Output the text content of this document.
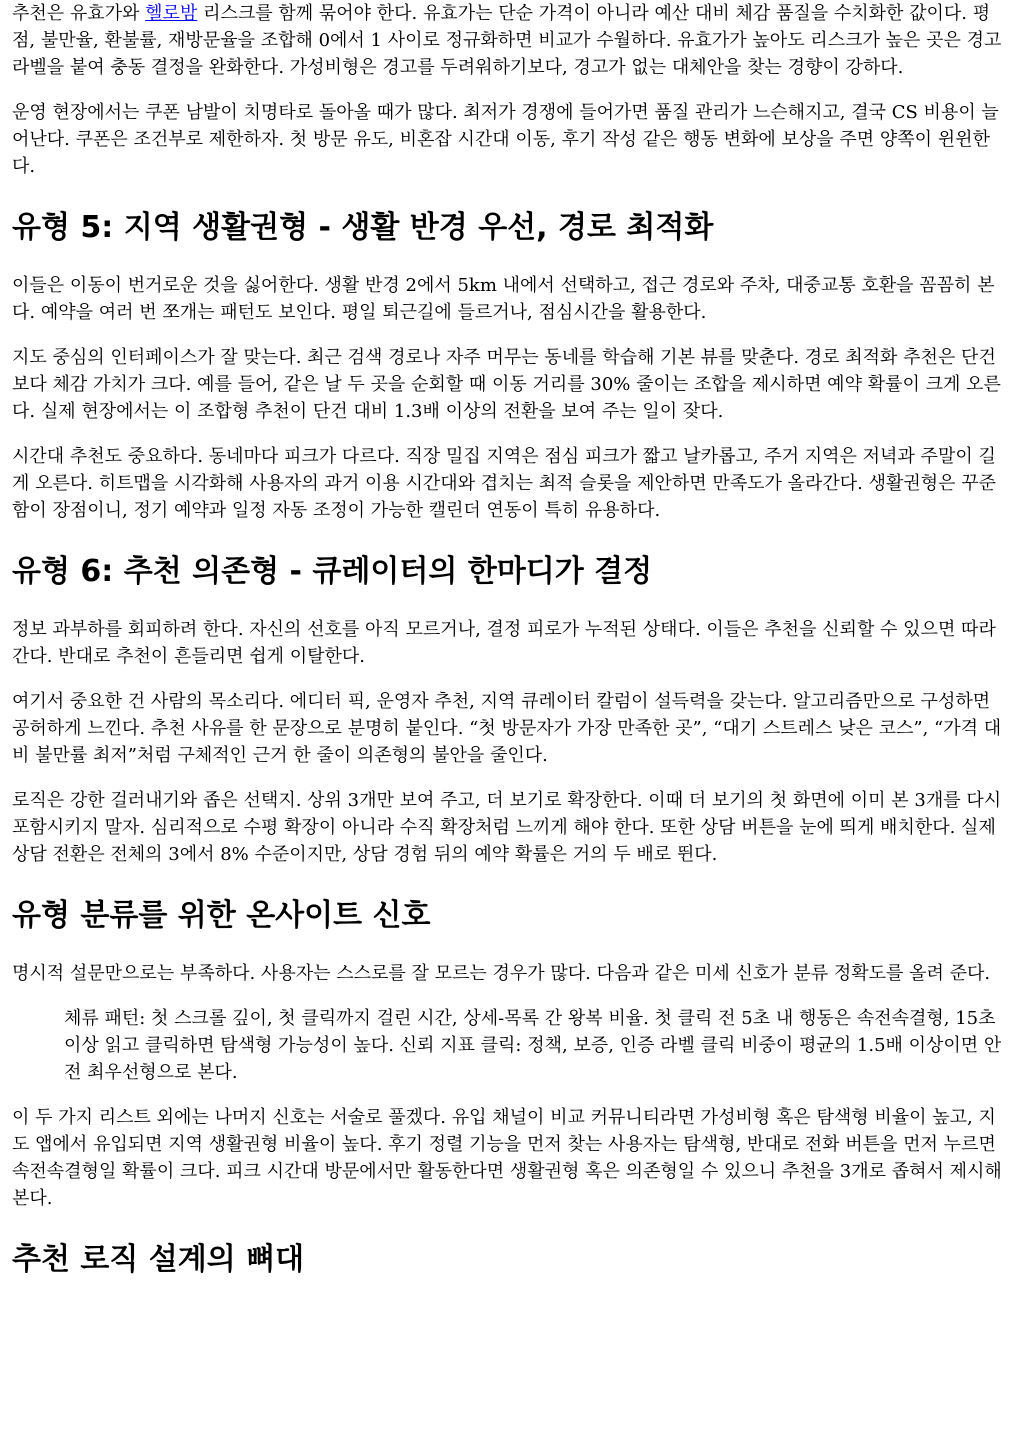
추천은 유효가와 헬로밤 리스크를 함께 묶어야 한다. 유효가는 단순 가격이 아니라 예산 대비 체감 품질을 수치화한 값이다. 평점, 불만율, 환불률, 재방문율을 조합해 0에서 1 사이로 정규화하면 비교가 수월하다. 유효가가 높아도 리스크가 높은 곳은 경고 라벨을 붙여 충동 결정을 완화한다. 가성비형은 경고를 두려워하기보다, 경고가 없는 대체안을 찾는 경향이 강하다.

운영 현장에서는 쿠폰 남발이 치명타로 돌아올 때가 많다. 최저가 경쟁에 들어가면 품질 관리가 느슨해지고, 결국 CS 비용이 늘어난다. 쿠폰은 조건부로 제한하자. 첫 방문 유도, 비혼잡 시간대 이동, 후기 작성 같은 행동 변화에 보상을 주면 양쪽이 윈윈한다.

유형 5: 지역 생활권형 - 생활 반경 우선, 경로 최적화

이들은 이동이 번거로운 것을 싫어한다. 생활 반경 2에서 5km 내에서 선택하고, 접근 경로와 주차, 대중교통 호환을 꼼꼼히 본다. 예약을 여러 번 쪼개는 패턴도 보인다. 평일 퇴근길에 들르거나, 점심시간을 활용한다.

지도 중심의 인터페이스가 잘 맞는다. 최근 검색 경로나 자주 머무는 동네를 학습해 기본 뷰를 맞춘다. 경로 최적화 추천은 단건보다 체감 가치가 크다. 예를 들어, 같은 날 두 곳을 순회할 때 이동 거리를 30% 줄이는 조합을 제시하면 예약 확률이 크게 오른다. 실제 현장에서는 이 조합형 추천이 단건 대비 1.3배 이상의 전환을 보여 주는 일이 잦다.

시간대 추천도 중요하다. 동네마다 피크가 다르다. 직장 밀집 지역은 점심 피크가 짧고 날카롭고, 주거 지역은 저녁과 주말이 길게 오른다. 히트맵을 시각화해 사용자의 과거 이용 시간대와 겹치는 최적 슬롯을 제안하면 만족도가 올라간다. 생활권형은 꾸준함이 장점이니, 정기 예약과 일정 자동 조정이 가능한 캘린더 연동이 특히 유용하다.

유형 6: 추천 의존형 - 큐레이터의 한마디가 결정

정보 과부하를 회피하려 한다. 자신의 선호를 아직 모르거나, 결정 피로가 누적된 상태다. 이들은 추천을 신뢰할 수 있으면 따라간다. 반대로 추천이 흔들리면 쉽게 이탈한다.

여기서 중요한 건 사람의 목소리다. 에디터 픽, 운영자 추천, 지역 큐레이터 칼럼이 설득력을 갖는다. 알고리즘만으로 구성하면 공허하게 느낀다. 추천 사유를 한 문장으로 분명히 붙인다. “첫 방문자가 가장 만족한 곳”, “대기 스트레스 낮은 코스”, “가격 대비 불만률 최저”처럼 구체적인 근거 한 줄이 의존형의 불안을 줄인다.

로직은 강한 걸러내기와 좁은 선택지. 상위 3개만 보여 주고, 더 보기로 확장한다. 이때 더 보기의 첫 화면에 이미 본 3개를 다시 포함시키지 말자. 심리적으로 수평 확장이 아니라 수직 확장처럼 느끼게 해야 한다. 또한 상담 버튼을 눈에 띄게 배치한다. 실제 상담 전환은 전체의 3에서 8% 수준이지만, 상담 경험 뒤의 예약 확률은 거의 두 배로 뛴다.

유형 분류를 위한 온사이트 신호

명시적 설문만으로는 부족하다. 사용자는 스스로를 잘 모르는 경우가 많다. 다음과 같은 미세 신호가 분류 정확도를 올려 준다.

체류 패턴: 첫 스크롤 깊이, 첫 클릭까지 걸린 시간, 상세-목록 간 왕복 비율. 첫 클릭 전 5초 내 행동은 속전속결형, 15초 이상 읽고 클릭하면 탐색형 가능성이 높다. 신뢰 지표 클릭: 정책, 보증, 인증 라벨 클릭 비중이 평균의 1.5배 이상이면 안전 최우선형으로 본다.

이 두 가지 리스트 외에는 나머지 신호는 서술로 풀겠다. 유입 채널이 비교 커뮤니티라면 가성비형 혹은 탐색형 비율이 높고, 지도 앱에서 유입되면 지역 생활권형 비율이 높다. 후기 정렬 기능을 먼저 찾는 사용자는 탐색형, 반대로 전화 버튼을 먼저 누르면 속전속결형일 확률이 크다. 피크 시간대 방문에서만 활동한다면 생활권형 혹은 의존형일 수 있으니 추천을 3개로 좁혀서 제시해 본다.

추천 로직 설계의 뼈대
